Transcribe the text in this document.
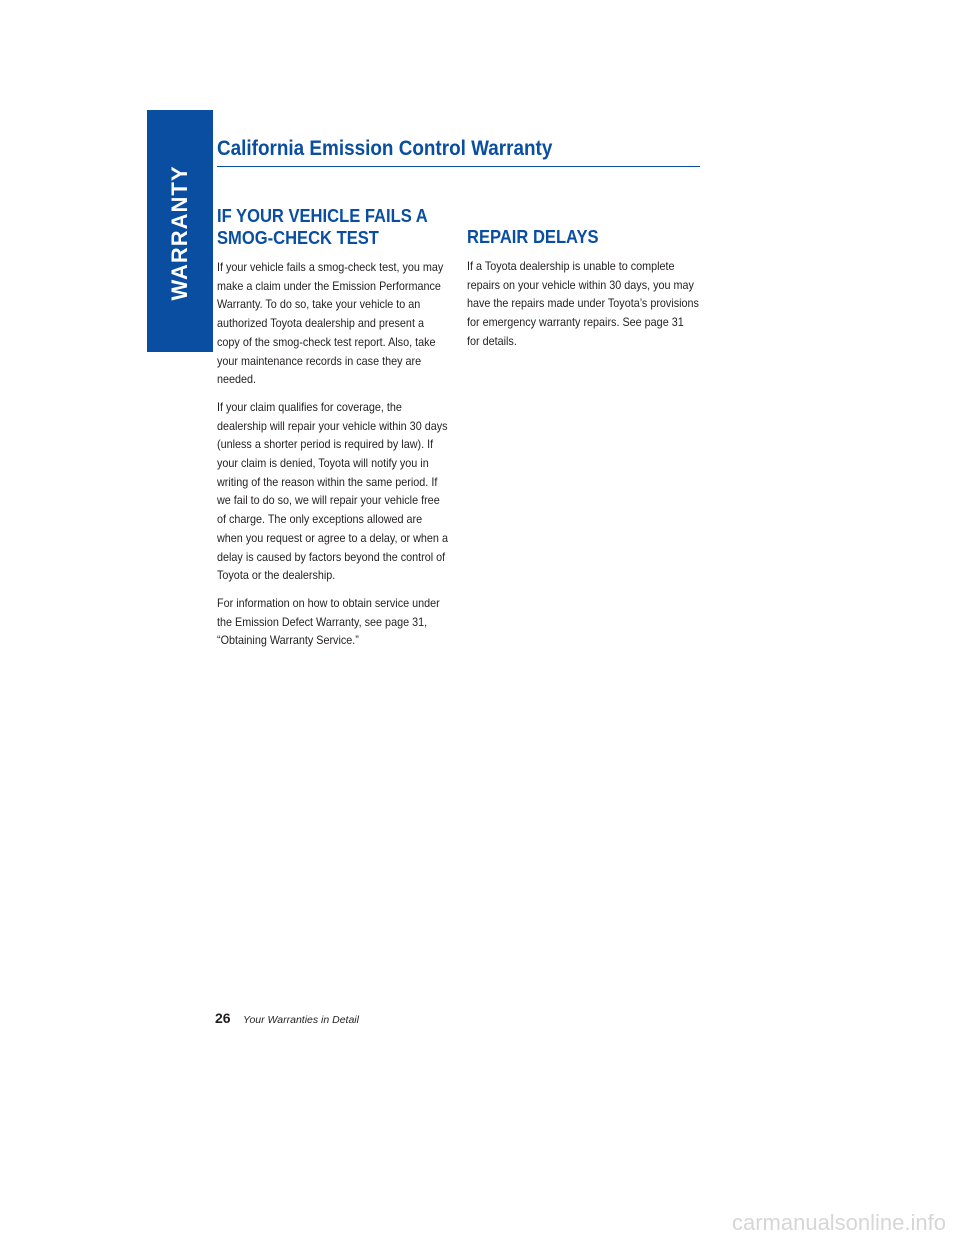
WARRANTY
California Emission Control Warranty
IF YOUR VEHICLE FAILS A
SMOG-CHECK TEST

If your vehicle fails a smog-check test, you may make a claim under the Emission Performance Warranty. To do so, take your vehicle to an authorized Toyota dealership and present a copy of the smog-check test report. Also, take your maintenance records in case they are needed.

If your claim qualifies for coverage, the dealership will repair your vehicle within 30 days (unless a shorter period is required by law). If your claim is denied, Toyota will notify you in writing of the reason within the same period. If we fail to do so, we will repair your vehicle free of charge. The only exceptions allowed are when you request or agree to a delay, or when a delay is caused by factors beyond the control of Toyota or the dealership.

For information on how to obtain service under the Emission Defect Warranty, see page 31, “Obtaining Warranty Service.”

REPAIR DELAYS

If a Toyota dealership is unable to complete repairs on your vehicle within 30 days, you may have the repairs made under Toyota’s provisions for emergency warranty repairs. See page 31 for details.

26 Your Warranties in Detail
carmanualsonline.info
